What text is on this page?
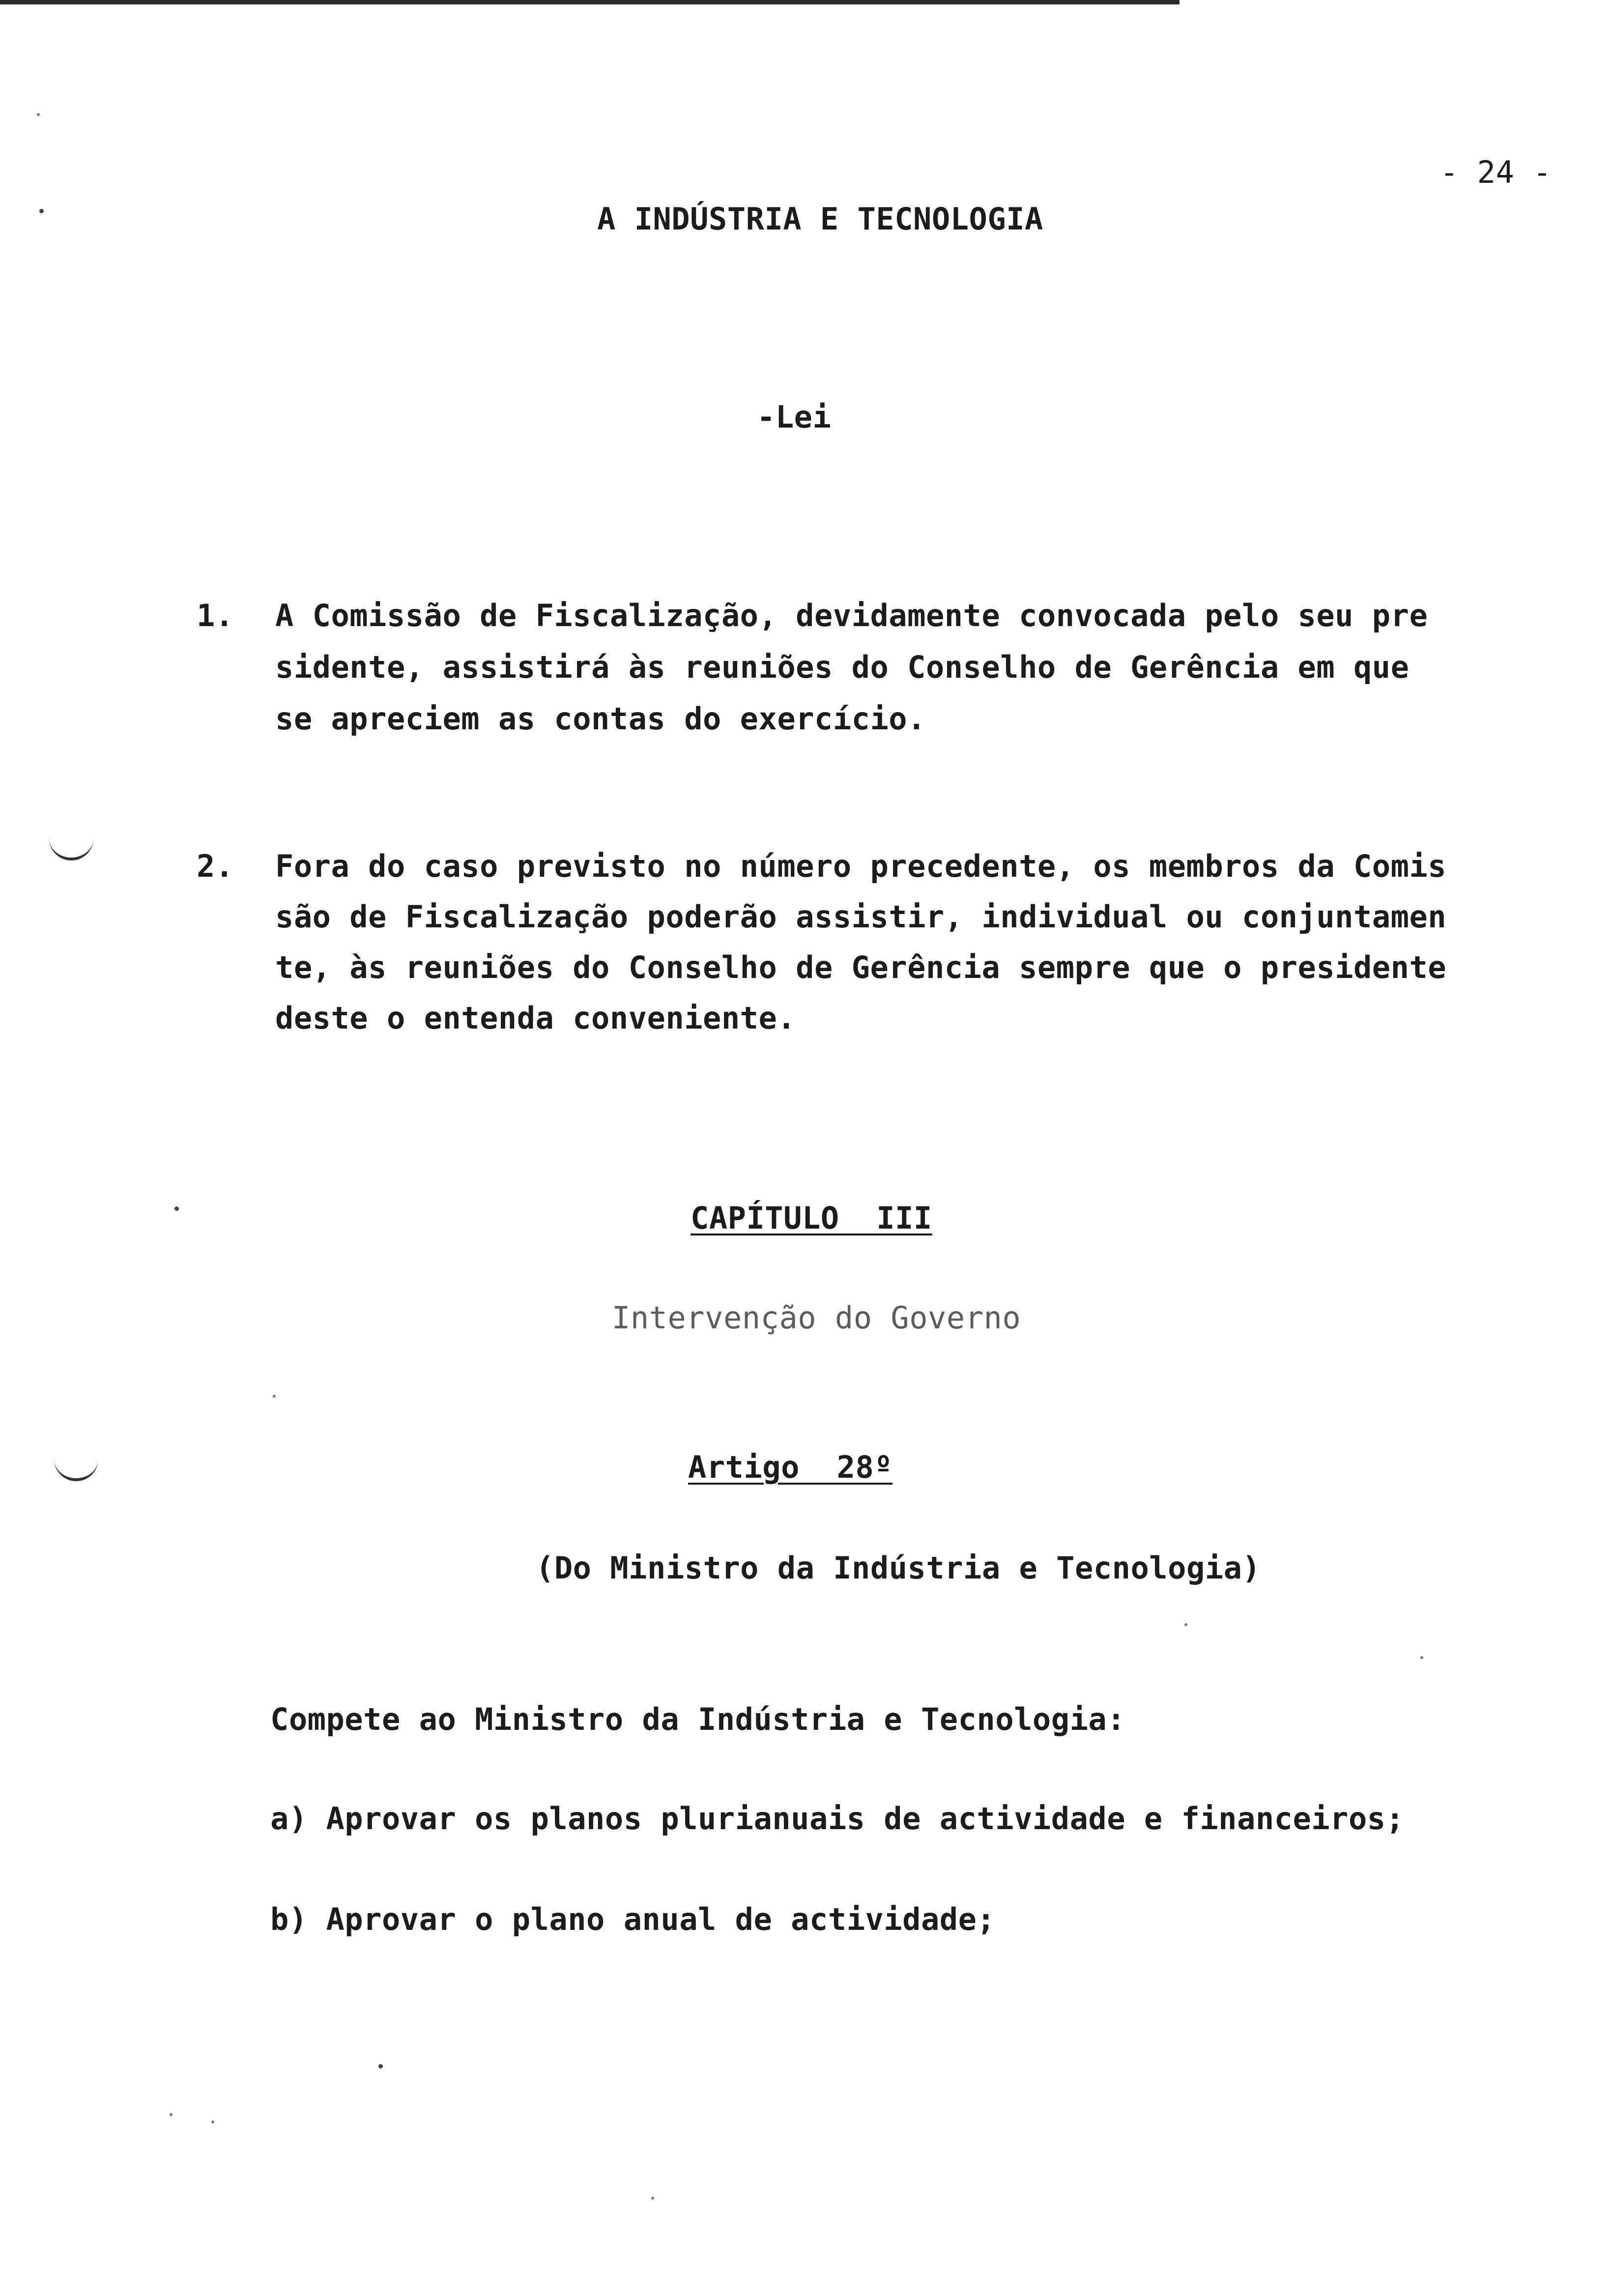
- 24 -
A INDÚSTRIA E TECNOLOGIA
-Lei
1. A Comissão de Fiscalização, devidamente convocada pelo seu pre
sidente, assistirá às reuniões do Conselho de Gerência em que
se apreciem as contas do exercício.
2. Fora do caso previsto no número precedente, os membros da Comis
são de Fiscalização poderão assistir, individual ou conjuntamen
te, às reuniões do Conselho de Gerência sempre que o presidente
deste o entenda conveniente.
CAPÍTULO  III
Intervenção do Governo
Artigo  28º
(Do Ministro da Indústria e Tecnologia)
Compete ao Ministro da Indústria e Tecnologia:
a) Aprovar os planos plurianuais de actividade e financeiros;
b) Aprovar o plano anual de actividade;
